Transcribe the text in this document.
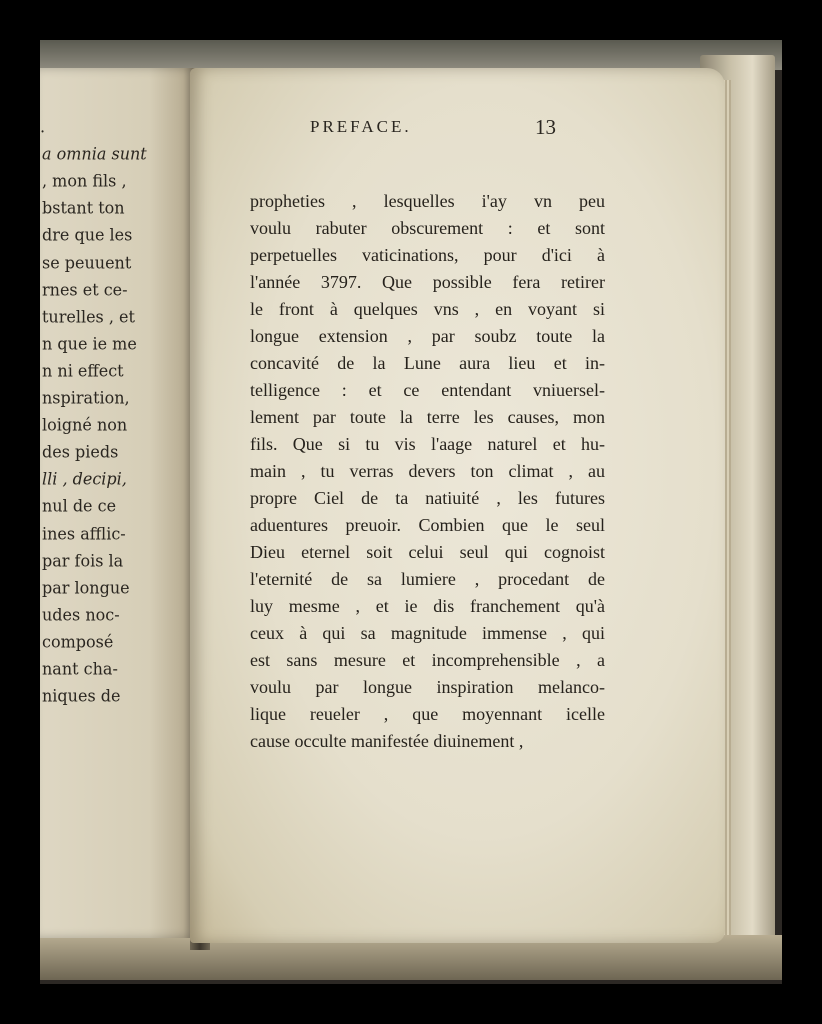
.
a omnia sunt
, mon fils ,
bstant ton
dre que les
se peuuent
rnes et ce-
turelles , et
n que ie me
n ni effect
nspiration,
loigné non
des pieds
lli , decipi,
nul de ce
ines afflic-
par fois la
par longue
udes noc-
composé
nant cha-
niques de
PREFACE.	13
propheties , lesquelles i'ay vn peu
voulu rabuter obscurement : et sont
perpetuelles vaticinations, pour d'ici à
l'année 3797. Que possible fera retirer
le front à quelques vns , en voyant si
longue extension , par soubz toute la
concavité de la Lune aura lieu et in-
telligence : et ce entendant vniuersel-
lement par toute la terre les causes, mon
fils. Que si tu vis l'aage naturel et hu-
main , tu verras devers ton climat , au
propre Ciel de ta natiuité , les futures
aduentures preuoir. Combien que le seul
Dieu eternel soit celui seul qui cognoist
l'eternité de sa lumiere , procedant de
luy mesme , et ie dis franchement qu'à
ceux à qui sa magnitude immense , qui
est sans mesure et incomprehensible , a
voulu par longue inspiration melanco-
lique reueler , que moyennant icelle
cause occulte manifestée diuinement ,
